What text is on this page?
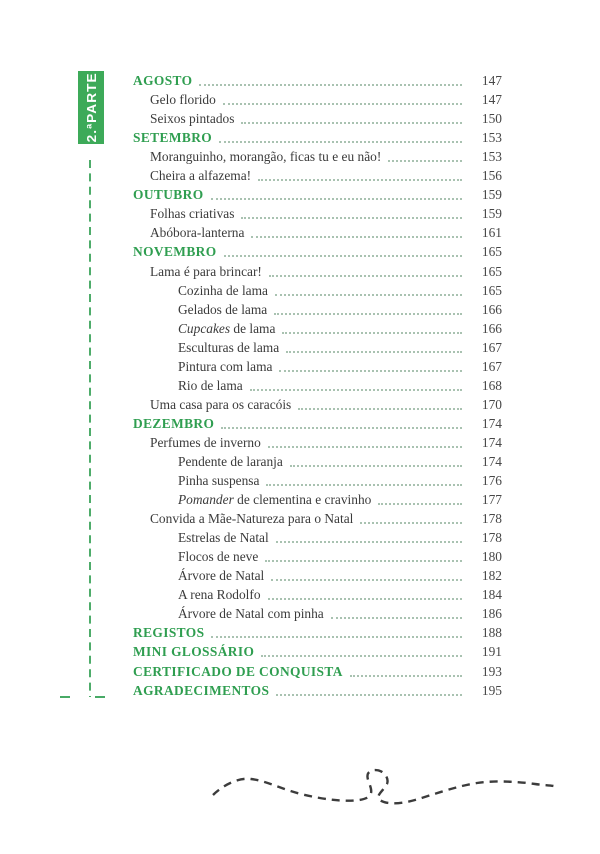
2.ªPARTE	AGOSTO	147
Gelo florido	147
Seixos pintados	150
SETEMBRO	153
Moranguinho, morangão, ficas tu e eu não!	153
Cheira a alfazema!	156
OUTUBRO	159
Folhas criativas	159
Abóbora-lanterna	161
NOVEMBRO	165
Lama é para brincar!	165
Cozinha de lama	165
Gelados de lama	166
Cupcakes de lama	166
Esculturas de lama	167
Pintura com lama	167
Rio de lama	168
Uma casa para os caracóis	170
DEZEMBRO	174
Perfumes de inverno	174
Pendente de laranja	174
Pinha suspensa	176
Pomander de clementina e cravinho	177
Convida a Mãe-Natureza para o Natal	178
Estrelas de Natal	178
Flocos de neve	180
Árvore de Natal	182
A rena Rodolfo	184
Árvore de Natal com pinha	186
REGISTOS	188
MINI GLOSSÁRIO	191
CERTIFICADO DE CONQUISTA	193
AGRADECIMENTOS	195
